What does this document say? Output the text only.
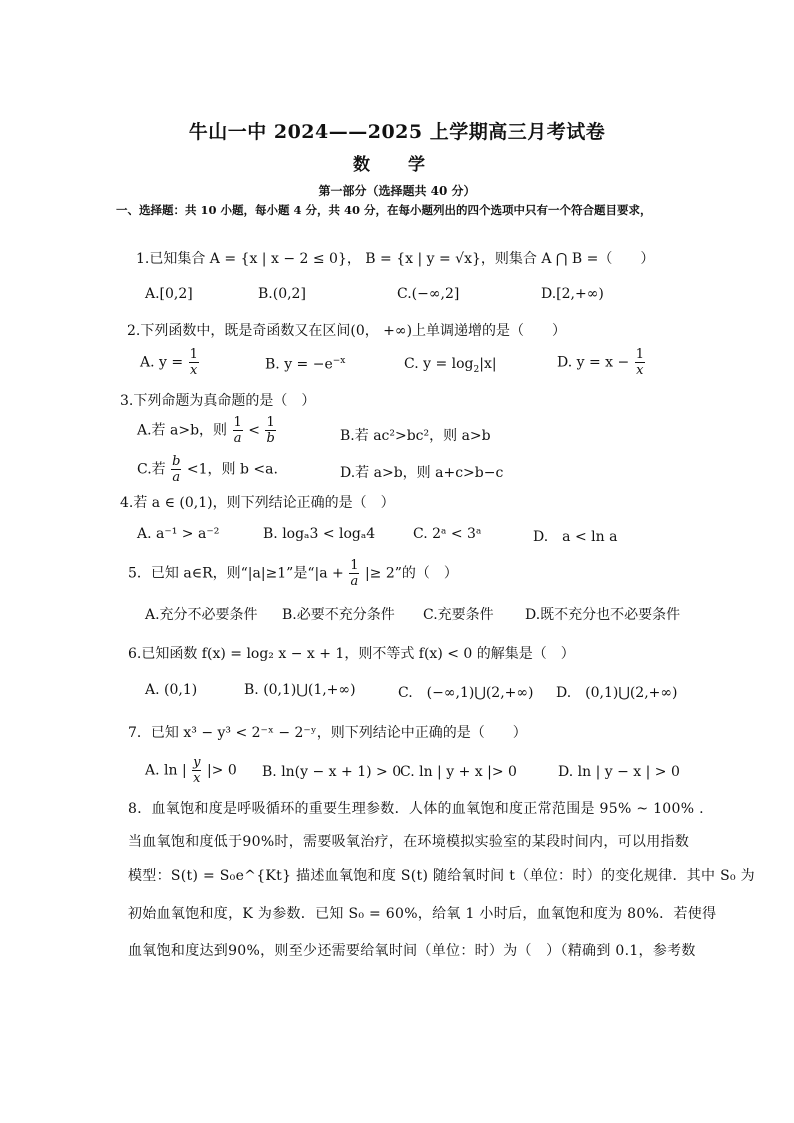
牛山一中 2024——2025 上学期高三月考试卷
数 学
第一部分（选择题共 40 分）
一、选择题：共 10 小题，每小题 4 分，共 40 分，在每小题列出的四个选项中只有一个符合题目要求，
1.已知集合 A = {x | x − 2 ≤ 0}， B = {x | y = √x}，则集合 A ⋂ B =（　　）
A.[0,2]	B.(0,2]	C.(−∞,2]	D.[2,+∞)
2.下列函数中，既是奇函数又在区间(0， +∞)上单调递增的是（　　）
A. $y = \frac{1}{x}$	B. $y = -e^{-x}$	C. $y = \log_2|x|$	D. $y = x - \frac{1}{x}$
3.下列命题为真命题的是（　）
A.若 a>b，则 $\frac{1}{a} < \frac{1}{b}$	B.若 ac²>bc²，则 a>b
C.若 $\frac{b}{a} <1$，则 b <a.	D.若 a>b，则 a+c>b−c
4.若 a ∈ (0,1)，则下列结论正确的是（　）
A. a⁻¹ > a⁻²	B. logₐ3 < logₐ4	C. 2ᵃ < 3ᵃ	D.　a < ln a
5．已知 a∈R，则“|a|≥1”是“$|a + \frac{1}{a}$ |≥ 2”的（　）
A.充分不必要条件 B.必要不充分条件 C.充要条件 D.既不充分也不必要条件
6.已知函数 f(x) = log₂ x − x + 1，则不等式 f(x) < 0 的解集是（　）
A. (0,1)	B. (0,1)⋃(1,+∞)	C.　(−∞,1)⋃(2,+∞) D.　(0,1)⋃(2,+∞)
7．已知 x³ − y³ < 2⁻ˣ − 2⁻ʸ，则下列结论中正确的是（　　）
A. ln | $\frac{y}{x}$ |> 0 B. ln(y − x + 1) > 0
C. ln | y + x |> 0	D. ln | y − x | > 0
8．血氧饱和度是呼吸循环的重要生理参数．人体的血氧饱和度正常范围是 95% ~ 100% .
当血氧饱和度低于90%时，需要吸氧治疗，在环境模拟实验室的某段时间内，可以用指数
模型：S(t) = S₀e^{Kt} 描述血氧饱和度 S(t) 随给氧时间 t（单位：时）的变化规律．其中 S₀ 为
初始血氧饱和度，K 为参数．已知 S₀ = 60%，给氧 1 小时后，血氧饱和度为 80%．若使得
血氧饱和度达到90%，则至少还需要给氧时间（单位：时）为（　）（精确到 0.1，参考数
